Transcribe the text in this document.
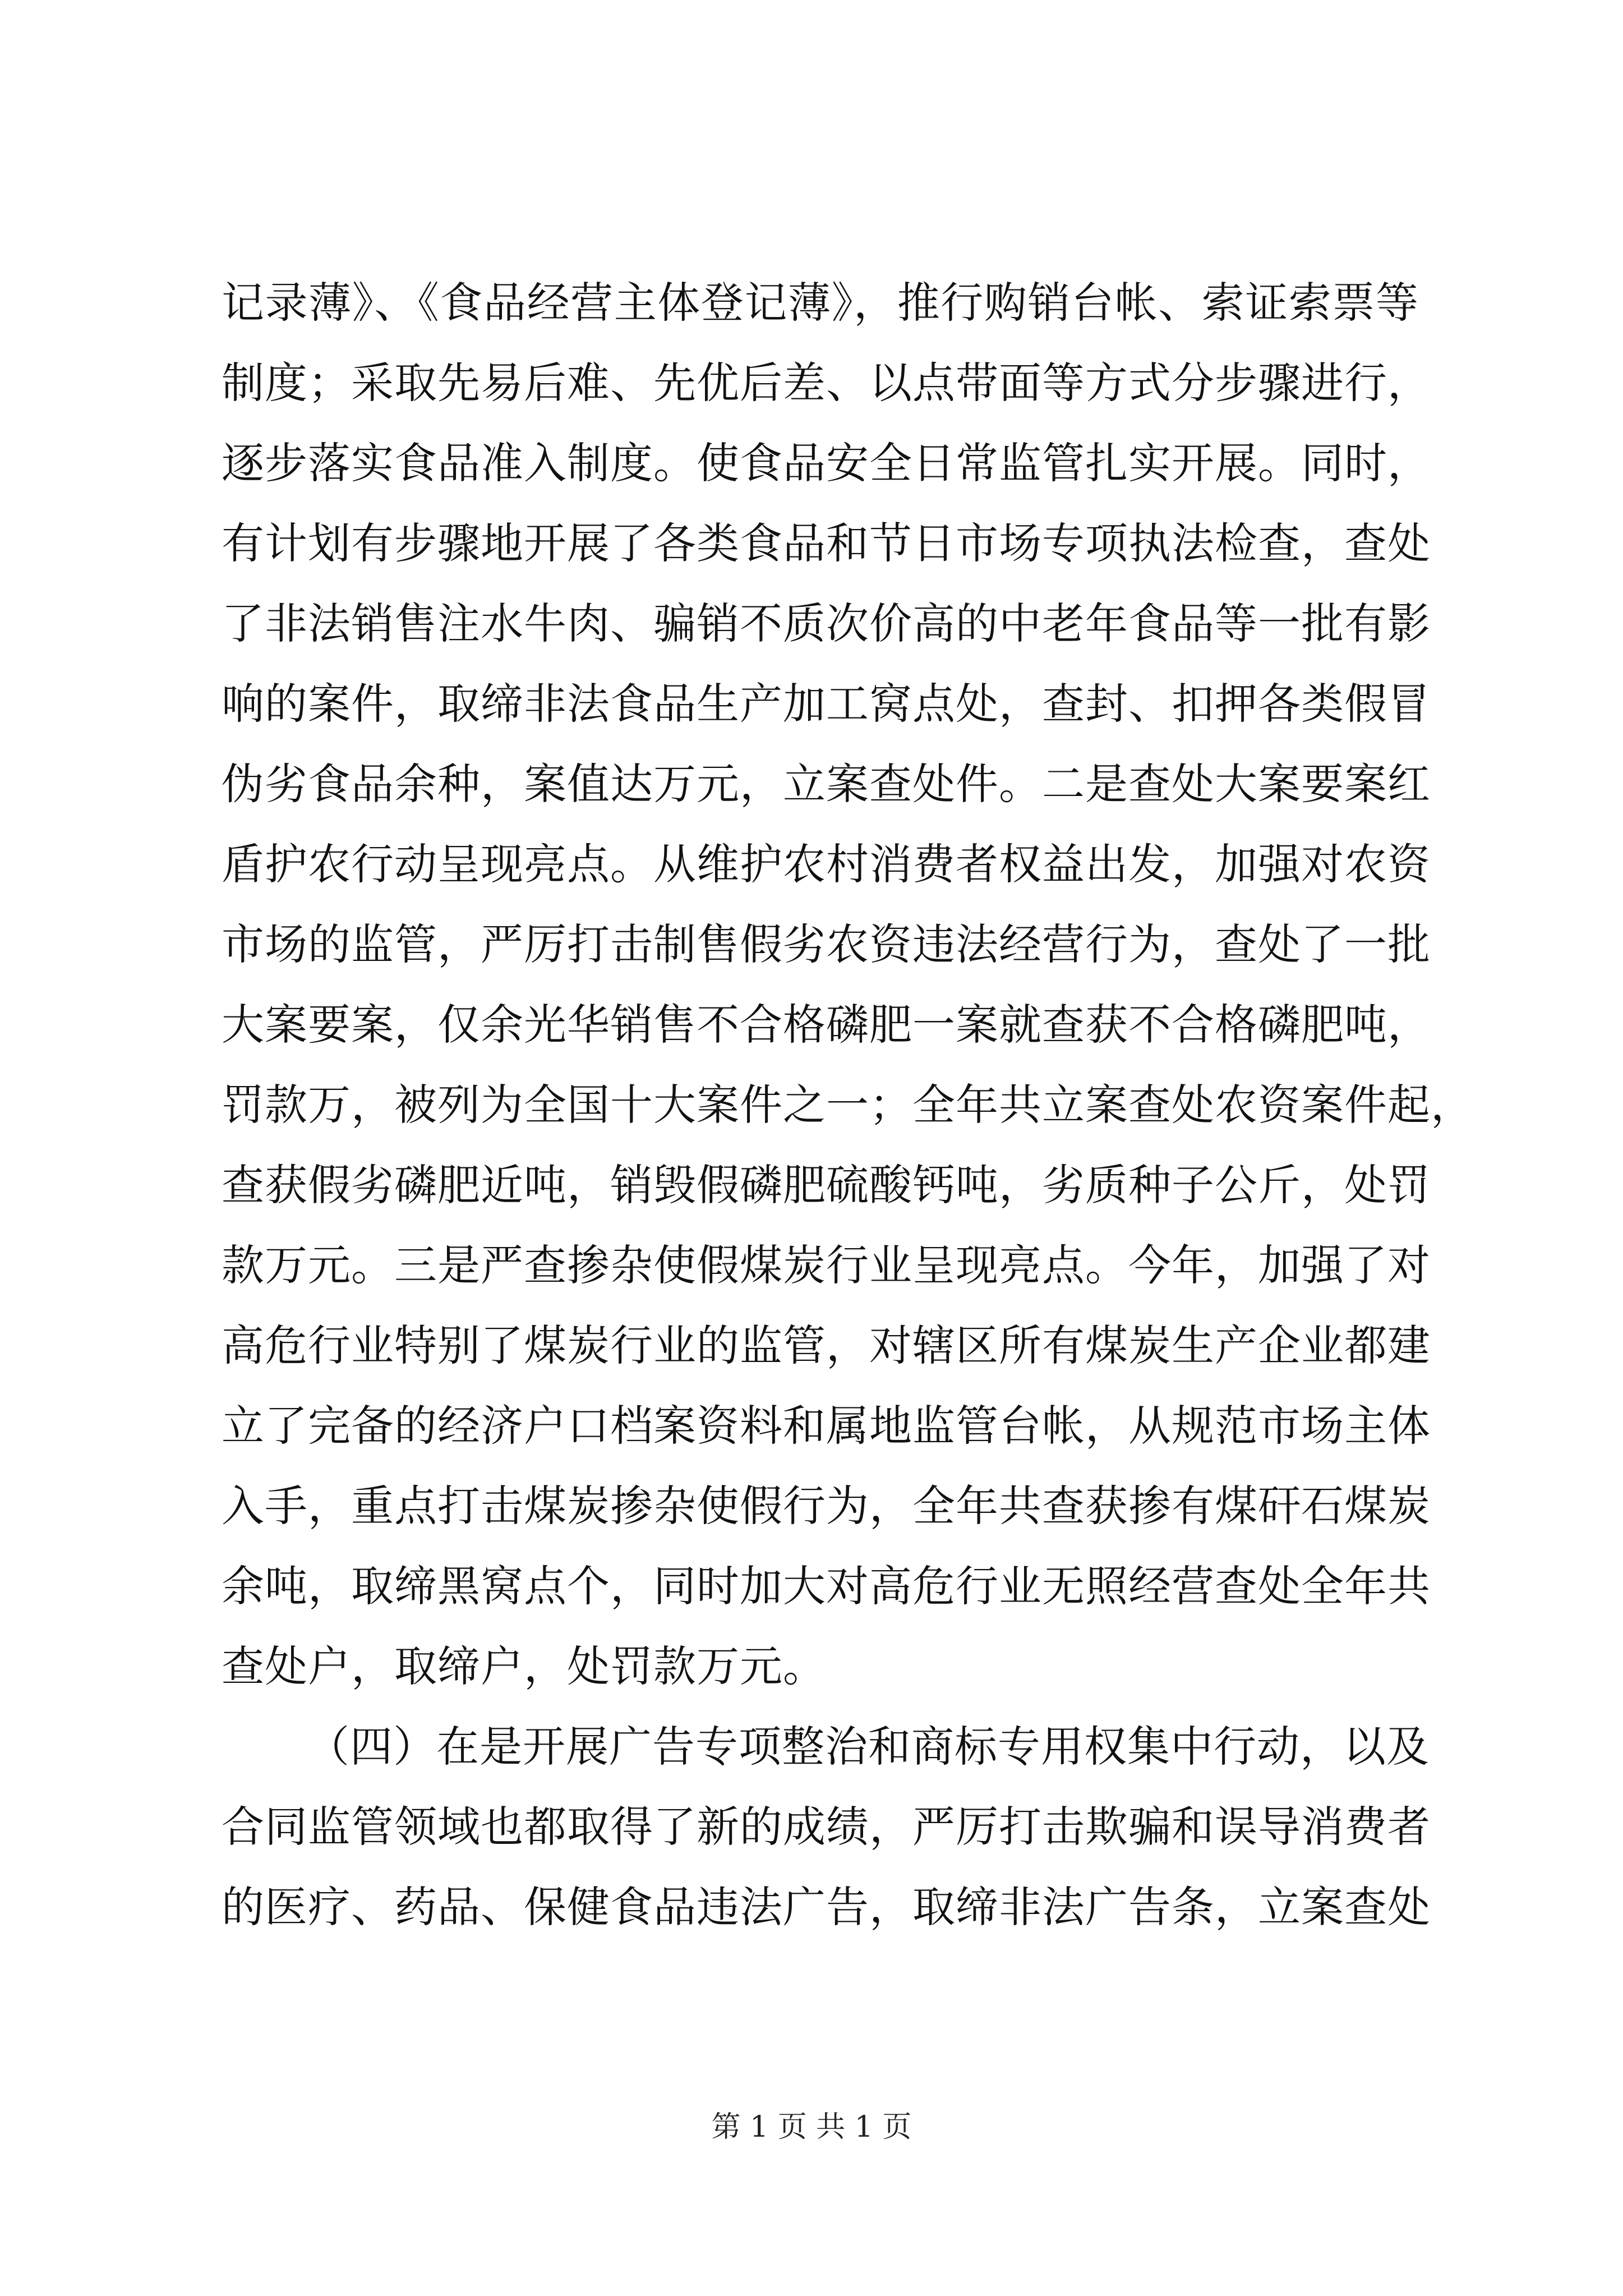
记录薄》、《食品经营主体登记薄》，推行购销台帐、索证索票等
制度；采取先易后难、先优后差、以点带面等方式分步骤进行，
逐步落实食品准入制度。使食品安全日常监管扎实开展。同时，
有计划有步骤地开展了各类食品和节日市场专项执法检查，查处
了非法销售注水牛肉、骗销不质次价高的中老年食品等一批有影
响的案件，取缔非法食品生产加工窝点处，查封、扣押各类假冒
伪劣食品余种，案值达万元，立案查处件。二是查处大案要案红
盾护农行动呈现亮点。从维护农村消费者权益出发，加强对农资
市场的监管，严厉打击制售假劣农资违法经营行为，查处了一批
大案要案，仅余光华销售不合格磷肥一案就查获不合格磷肥吨，
罚款万，被列为全国十大案件之一；全年共立案查处农资案件起，
查获假劣磷肥近吨，销毁假磷肥硫酸钙吨，劣质种子公斤，处罚
款万元。三是严查掺杂使假煤炭行业呈现亮点。今年，加强了对
高危行业特别了煤炭行业的监管，对辖区所有煤炭生产企业都建
立了完备的经济户口档案资料和属地监管台帐，从规范市场主体
入手，重点打击煤炭掺杂使假行为，全年共查获掺有煤矸石煤炭
余吨，取缔黑窝点个，同时加大对高危行业无照经营查处全年共
查处户，取缔户，处罚款万元。
（四）在是开展广告专项整治和商标专用权集中行动，以及
合同监管领域也都取得了新的成绩，严厉打击欺骗和误导消费者
的医疗、药品、保健食品违法广告，取缔非法广告条，立案查处
第 1 页 共 1 页
